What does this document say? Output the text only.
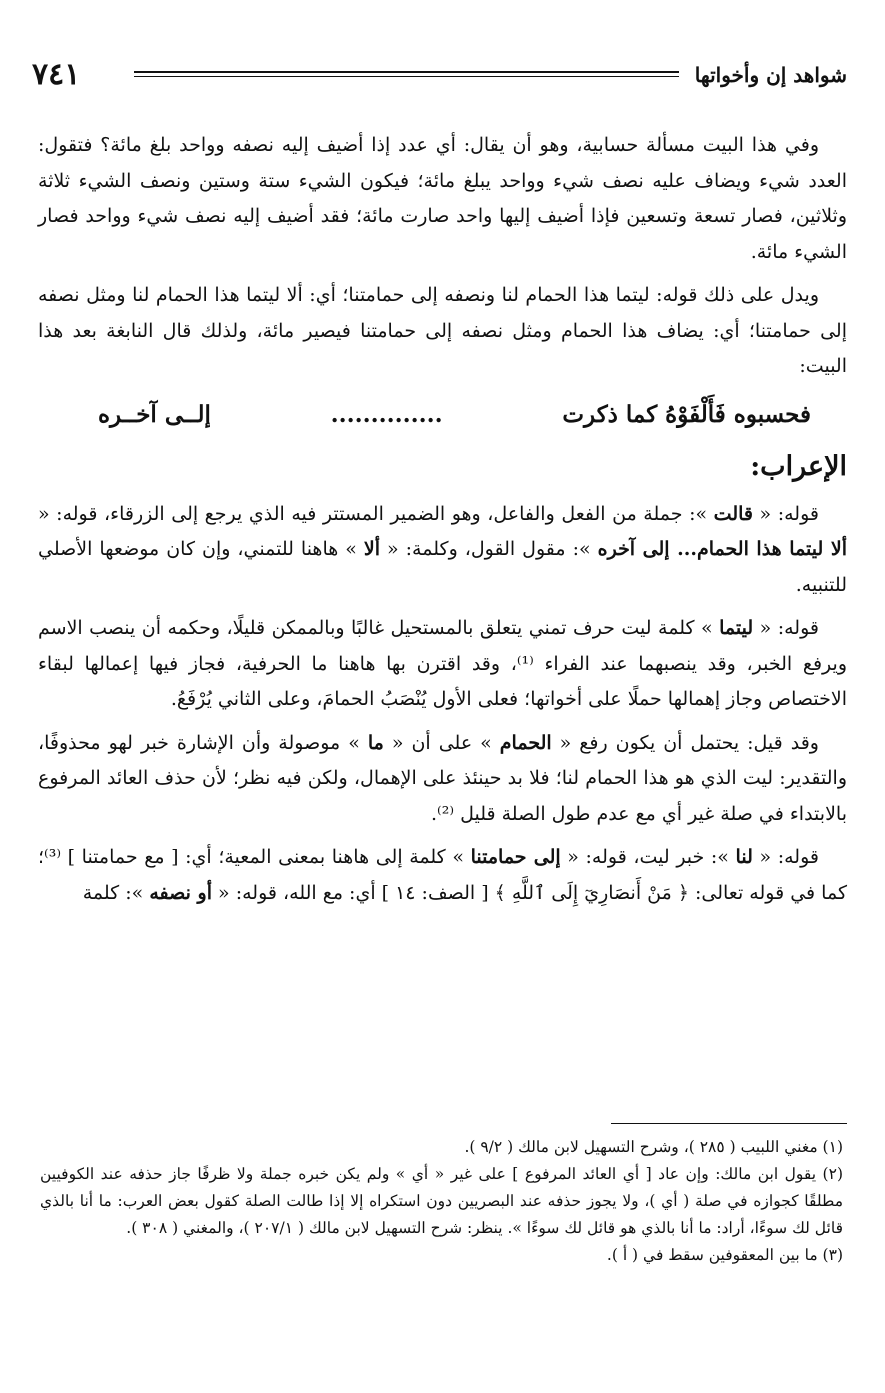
٧٤١	شواهد إن وأخواتها

وفي هذا البيت مسألة حسابية، وهو أن يقال: أي عدد إذا أضيف إليه نصفه وواحد بلغ مائة؟ فتقول: العدد شيء ويضاف عليه نصف شيء وواحد يبلغ مائة؛ فيكون الشيء ستة وستين ونصف الشيء ثلاثة وثلاثين، فصار تسعة وتسعين فإذا أضيف إليها واحد صارت مائة؛ فقد أضيف إليه نصف شيء وواحد فصار الشيء مائة.

ويدل على ذلك قوله: ليتما هذا الحمام لنا ونصفه إلى حمامتنا؛ أي: ألا ليتما هذا الحمام لنا ومثل نصفه إلى حمامتنا؛ أي: يضاف هذا الحمام ومثل نصفه إلى حمامتنا فيصير مائة، ولذلك قال النابغة بعد هذا البيت:

فحسبوه فَأَلْفَوْهُ كما ذكرت
..............
إلــى آخــره
الإعراب:

قوله: « قالت »: جملة من الفعل والفاعل، وهو الضمير المستتر فيه الذي يرجع إلى الزرقاء، قوله: « ألا ليتما هذا الحمام... إلى آخره »: مقول القول، وكلمة: « ألا » هاهنا للتمني، وإن كان موضعها الأصلي للتنبيه.

قوله: « ليتما » كلمة ليت حرف تمني يتعلق بالمستحيل غالبًا وبالممكن قليلًا، وحكمه أن ينصب الاسم ويرفع الخبر، وقد ينصبهما عند الفراء ⁽¹⁾، وقد اقترن بها هاهنا ما الحرفية، فجاز فيها إعمالها لبقاء الاختصاص وجاز إهمالها حملًا على أخواتها؛ فعلى الأول يُنْصَبُ الحمامَ، وعلى الثاني يُرْفَعُ.

وقد قيل: يحتمل أن يكون رفع « الحمام » على أن « ما » موصولة وأن الإشارة خبر لهو محذوفًا، والتقدير: ليت الذي هو هذا الحمام لنا؛ فلا بد حينئذ على الإهمال، ولكن فيه نظر؛ لأن حذف العائد المرفوع بالابتداء في صلة غير أي مع عدم طول الصلة قليل ⁽²⁾.

قوله: « لنا »: خبر ليت، قوله: « إلى حمامتنا » كلمة إلى هاهنا بمعنى المعية؛ أي: [ مع حمامتنا ] ⁽³⁾؛ كما في قوله تعالى: ﴿ مَنْ أَنصَارِيٓ إِلَى ٱللَّهِ ﴾ [ الصف: ١٤ ] أي: مع الله، قوله: « أو نصفه »: كلمة

(١) مغني اللبيب ( ٢٨٥ )، وشرح التسهيل لابن مالك ( ٩/٢ ).

(٢) يقول ابن مالك: وإن عاد [ أي العائد المرفوع ] على غير « أي » ولم يكن خبره جملة ولا ظرفًا جاز حذفه عند الكوفيين مطلقًا كجوازه في صلة ( أي )، ولا يجوز حذفه عند البصريين دون استكراه إلا إذا طالت الصلة كقول بعض العرب: ما أنا بالذي قائل لك سوءًا، أراد: ما أنا بالذي هو قائل لك سوءًا ». ينظر: شرح التسهيل لابن مالك ( ٢٠٧/١ )، والمغني ( ٣٠٨ ).

(٣) ما بين المعقوفين سقط في ( أ ).
